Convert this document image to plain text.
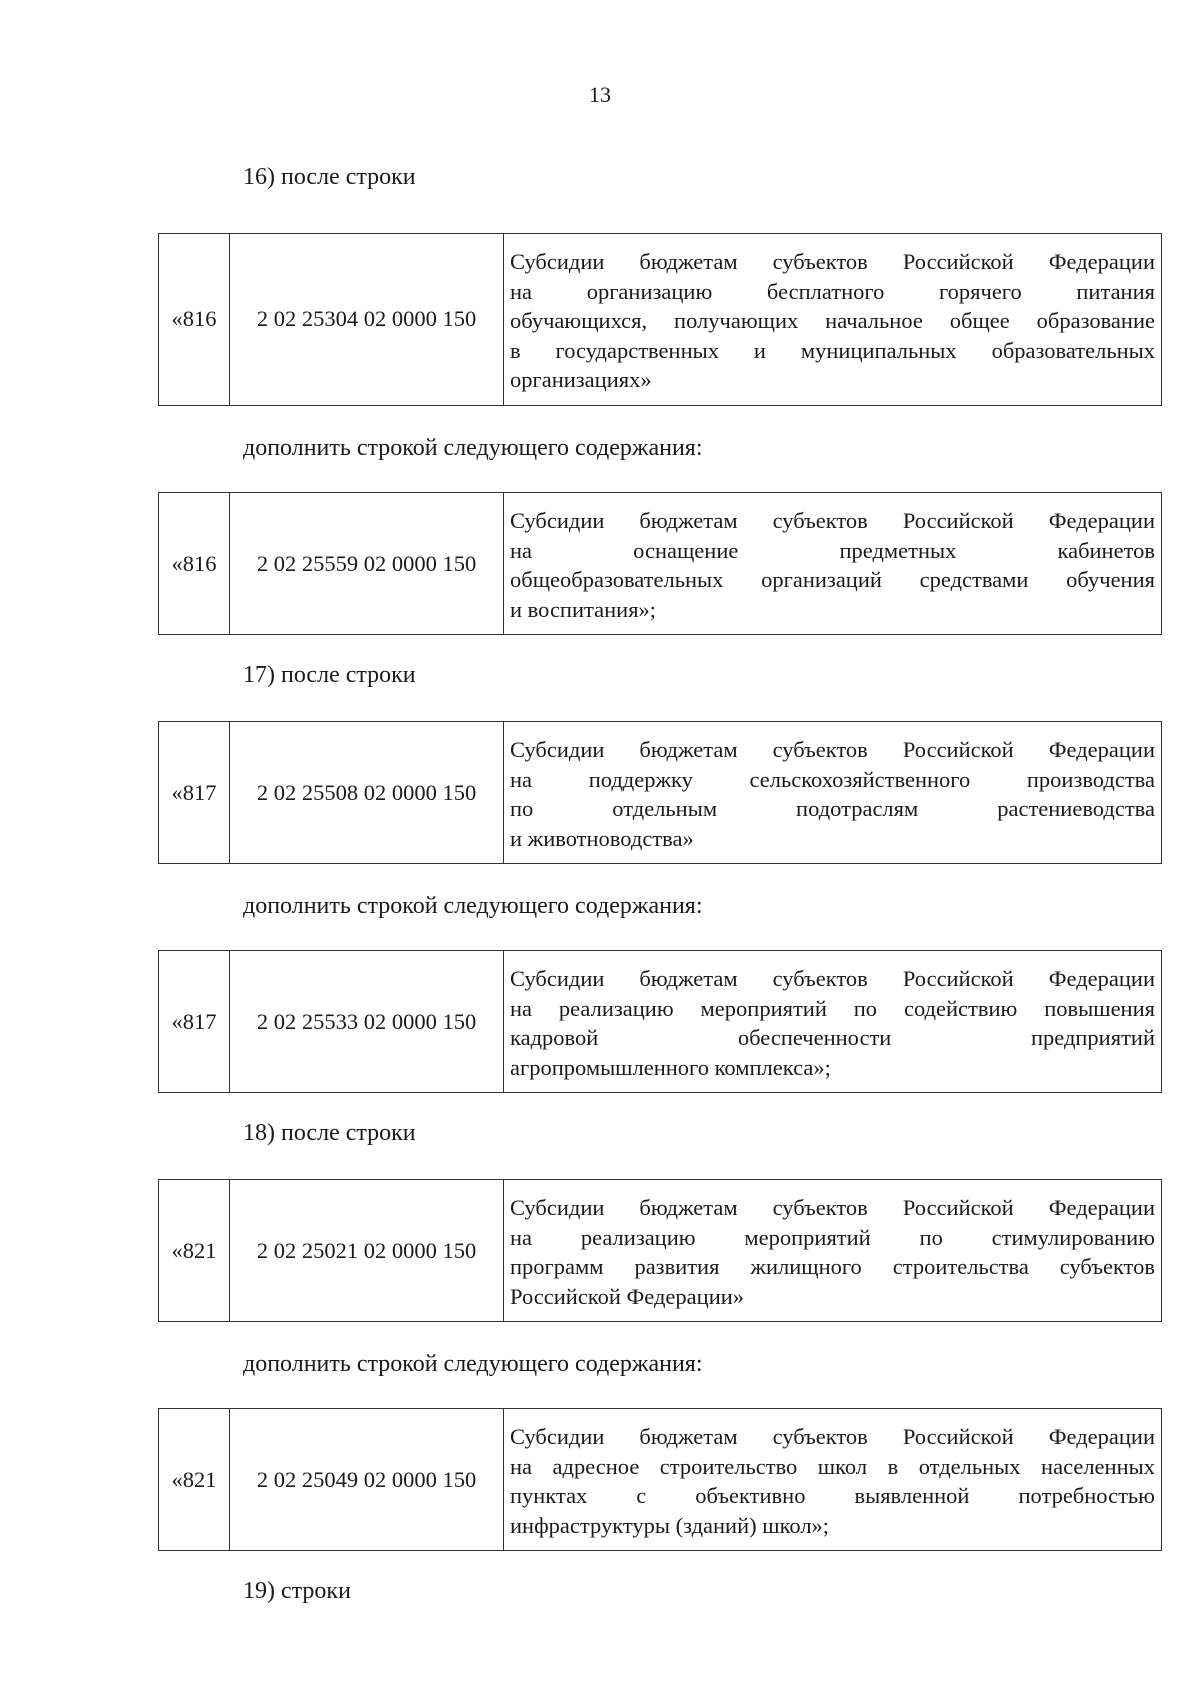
13
16) после строки
«816	2 02 25304 02 0000 150	
Субсидии бюджетам субъектов Российской Федерации
на организацию бесплатного горячего питания
обучающихся, получающих начальное общее образование
в государственных и муниципальных образовательных
организациях»
дополнить строкой следующего содержания:
«816	2 02 25559 02 0000 150	
Субсидии бюджетам субъектов Российской Федерации
на оснащение предметных кабинетов
общеобразовательных организаций средствами обучения
и воспитания»;
17) после строки
«817	2 02 25508 02 0000 150	
Субсидии бюджетам субъектов Российской Федерации
на поддержку сельскохозяйственного производства
по отдельным подотраслям растениеводства
и животноводства»
дополнить строкой следующего содержания:
«817	2 02 25533 02 0000 150	
Субсидии бюджетам субъектов Российской Федерации
на реализацию мероприятий по содействию повышения
кадровой обеспеченности предприятий
агропромышленного комплекса»;
18) после строки
«821	2 02 25021 02 0000 150	
Субсидии бюджетам субъектов Российской Федерации
на реализацию мероприятий по стимулированию
программ развития жилищного строительства субъектов
Российской Федерации»
дополнить строкой следующего содержания:
«821	2 02 25049 02 0000 150	
Субсидии бюджетам субъектов Российской Федерации
на адресное строительство школ в отдельных населенных
пунктах с объективно выявленной потребностью
инфраструктуры (зданий) школ»;
19) строки
